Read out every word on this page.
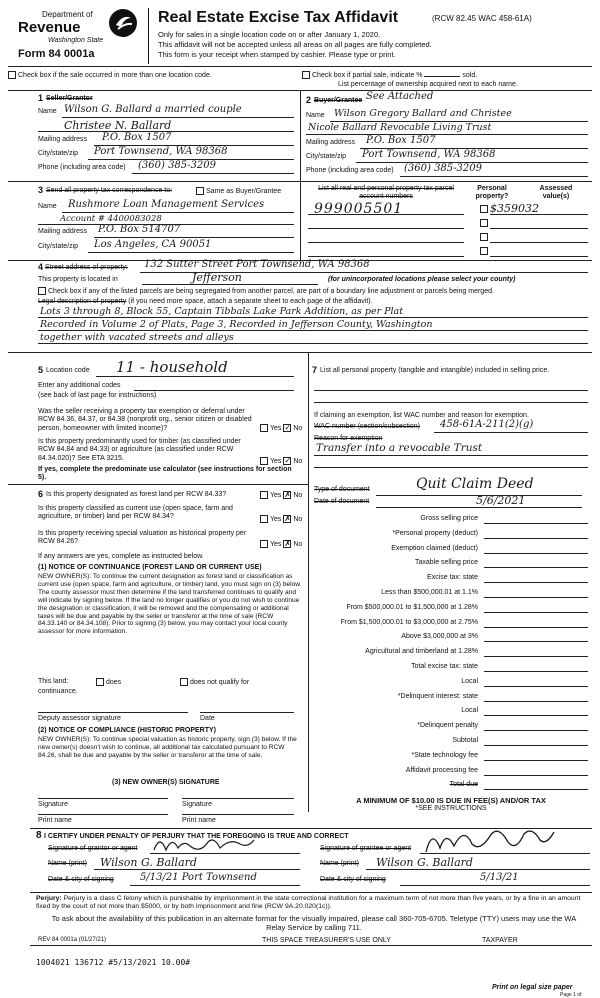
Department of
Revenue
Washington State
Form 84 0001a
Real Estate Excise Tax Affidavit	(RCW 82.45 WAC 458-61A)
Only for sales in a single location code on or after January 1, 2020.
This affidavit will not be accepted unless all areas on all pages are fully completed.
This form is your receipt when stamped by cashier. Please type or print.
Check box if the sale occurred in more than one location code.	Check box if partial sale, indicate %	sold.
List percentage of ownership acquired next to each name.
1 Seller/Grantor
Name Wilson G. Ballard a married couple
Christee N. Ballard
Mailing address P.O. Box 1507
City/state/zip Port Townsend, WA 98368
Phone (including area code) (360) 385-3209
2 Buyer/Grantee See Attached
Name Wilson Gregory Ballard and Christee
Nicole Ballard Revocable Living Trust
Mailing address P.O. Box 1507
City/state/zip Port Townsend, WA 98368
Phone (including area code) (360) 385-3209
3 Send all property tax correspondence to:	Same as Buyer/Grantee
Name Rushmore Loan Management Services
Account # 4400083028
Mailing address P.O. Box 514707
City/state/zip Los Angeles, CA 90051
List all real and personal property tax parcel account numbers
Personal property?
Assessed value(s)
999005501	$359032
4 Street address of property: 132 Sutter Street Port Townsend, WA 98368
This property is located in	Jefferson	(for unincorporated locations please select your county)
Check box if any of the listed parcels are being segregated from another parcel, are part of a boundary line adjustment or parcels being merged.
Legal description of property (if you need more space, attach a separate sheet to each page of the affidavit).
Lots 3 through 8, Block 55, Captain Tibbals Lake Park Addition, as per Plat
Recorded in Volume 2 of Plats, Page 3, Recorded in Jefferson County, Washington
together with vacated streets and alleys
5 Location code 11 - household
Enter any additional codes
(see back of last page for instructions)
Was the seller receiving a property tax exemption or deferral under RCW 84.36, 84.37, or 84.38 (nonprofit org., senior citizen or disabled person, homeowner with limited income)?	Yes ✓ No
Is this property predominantly used for timber (as classified under RCW 84.84 and 84.33) or agriculture (as classified under RCW 84.34.020)? See ETA 3215.	Yes ✓ No
If yes, complete the predominate use calculator (see instructions for section 5).
6 Is this property designated as forest land per RCW 84.33?	Yes ✗ No
Is this property classified as current use (open space, farm and agriculture, or timber) land per RCW 84.34?	Yes ✗ No
Is this property receiving special valuation as historical property per RCW 84.26?	Yes ✗ No
If any answers are yes, complete as instructed below.
(1) NOTICE OF CONTINUANCE (FOREST LAND OR CURRENT USE)
NEW OWNER(S): To continue the current designation as forest land or classification as current use (open space, farm and agriculture, or timber) land, you must sign on (3) below. The county assessor must then determine if the land transferred continues to qualify and will indicate by signing below. If the land no longer qualifies or you do not wish to continue the designation or classification, it will be removed and the compensating or additional taxes will be due and payable by the seller or transferor at the time of sale (RCW 84.33.140 or 84.34.108). Prior to signing (3) below, you may contact your local county assessor for more information.
This land:	does	does not qualify for
continuance.
Deputy assessor signature	Date
(2) NOTICE OF COMPLIANCE (HISTORIC PROPERTY)
NEW OWNER(S): To continue special valuation as historic property, sign (3) below. If the new owner(s) doesn't wish to continue, all additional tax calculated pursuant to RCW 84.26, shall be due and payable by the seller or transferor at the time of sale.
(3) NEW OWNER(S) SIGNATURE
Signature	Signature
Print name	Print name
7 List all personal property (tangible and intangible) included in selling price.
If claiming an exemption, list WAC number and reason for exemption.
WAC number (section/subsection) 458-61A-211(2)(g)
Reason for exemption
Transfer into a revocable Trust
Type of document	Quit Claim Deed
Date of document	5/6/2021
Gross selling price
*Personal property (deduct)
Exemption claimed (deduct)
Taxable selling price
Excise tax: state
Less than $500,000.01 at 1.1%
From $500,000.01 to $1,500,000 at 1.28%
From $1,500,000.01 to $3,000,000 at 2.75%
Above $3,000,000 at 3%
Agricultural and timberland at 1.28%
Total excise tax: state
Local
*Delinquent interest: state
Local
*Delinquent penalty
Subtotal
*State technology fee
Affidavit processing fee
Total due
A MINIMUM OF $10.00 IS DUE IN FEE(S) AND/OR TAX
*SEE INSTRUCTIONS
8 I CERTIFY UNDER PENALTY OF PERJURY THAT THE FOREGOING IS TRUE AND CORRECT
Signature of grantor or agent
Name (print) Wilson G. Ballard
Date & city of signing	5/13/21 Port Townsend
Signature of grantee or agent
Name (print) Wilson G. Ballard
Date & city of signing	5/13/21
Perjury: Perjury is a class C felony which is punishable by imprisonment in the state correctional institution for a maximum term of not more than five years, or by a fine in an amount fixed by the court of not more than $5000, or by both imprisonment and fine (RCW 9A.20.020(1c)).
To ask about the availability of this publication in an alternate format for the visually impaired, please call 360-705-6705. Teletype (TTY) users may use the WA Relay Service by calling 711.
REV 84 0001a (01/27/21)	THIS SPACE TREASURER'S USE ONLY	TAXPAYER
1004021 136712 #5/13/2021 10.00#
Print on legal size paper
Page 1 of
